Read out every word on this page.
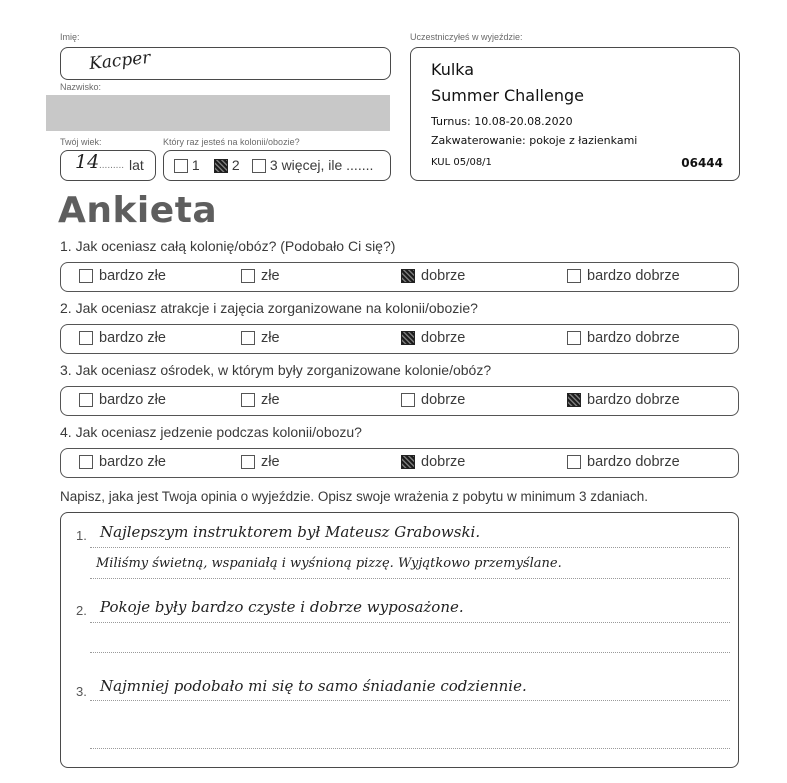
Imię:
Kacper
Nazwisko:
Twój wiek:
14 ......... lat
Który raz jesteś na kolonii/obozie?
1	2	3 więcej, ile .......
Uczestniczyłeś w wyjeździe:
Kulka
Summer Challenge
Turnus: 10.08-20.08.2020
Zakwaterowanie: pokoje z łazienkami
KUL 05/08/1	06444
Ankieta
1. Jak oceniasz całą kolonię/obóz? (Podobało Ci się?)
bardzo złe	złe	dobrze	bardzo dobrze
2. Jak oceniasz atrakcje i zajęcia zorganizowane na kolonii/obozie?
bardzo złe	złe	dobrze	bardzo dobrze
3. Jak oceniasz ośrodek, w którym były zorganizowane kolonie/obóz?
bardzo złe	złe	dobrze	bardzo dobrze
4. Jak oceniasz jedzenie podczas kolonii/obozu?
bardzo złe	złe	dobrze	bardzo dobrze
Napisz, jaka jest Twoja opinia o wyjeździe. Opisz swoje wrażenia z pobytu w minimum 3 zdaniach.
1. Najlepszym instruktorem był Mateusz Grabowski.
Miliśmy świetną, wspaniałą i wyśnioną pizzę. Wyjątkowo przemyślane.
2. Pokoje były bardzo czyste i dobrze wyposażone.
3. Najmniej podobało mi się to samo śniadanie codziennie.
